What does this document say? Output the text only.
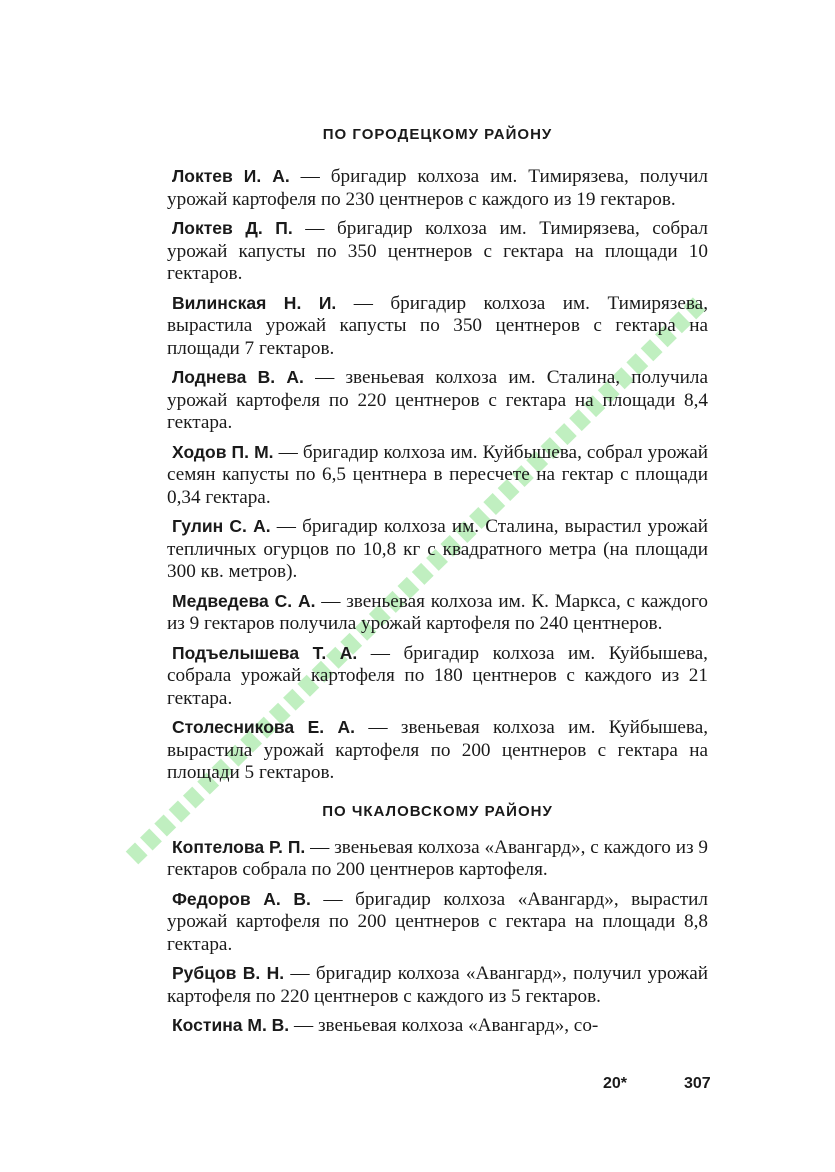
ПО ГОРОДЕЦКОМУ РАЙОНУ

Локтев И. А. — бригадир колхоза им. Тимирязева, получил урожай картофеля по 230 центнеров с каждого из 19 гектаров.

Локтев Д. П. — бригадир колхоза им. Тимирязева, собрал урожай капусты по 350 центнеров с гектара на площади 10 гектаров.

Вилинская Н. И. — бригадир колхоза им. Тимирязева, вырастила урожай капусты по 350 центнеров с гектара на площади 7 гектаров.

Лоднева В. А. — звеньевая колхоза им. Сталина, получила урожай картофеля по 220 центнеров с гектара на площади 8,4 гектара.

Ходов П. М. — бригадир колхоза им. Куйбышева, собрал урожай семян капусты по 6,5 центнера в пересчете на гектар с площади 0,34 гектара.

Гулин С. А. — бригадир колхоза им. Сталина, вырастил урожай тепличных огурцов по 10,8 кг с квадратного метра (на площади 300 кв. метров).

Медведева С. А. — звеньевая колхоза им. К. Маркса, с каждого из 9 гектаров получила урожай картофеля по 240 центнеров.

Подъелышева Т. А. — бригадир колхоза им. Куйбышева, собрала урожай картофеля по 180 центнеров с каждого из 21 гектара.

Столесникова Е. А. — звеньевая колхоза им. Куйбышева, вырастила урожай картофеля по 200 центнеров с гектара на площади 5 гектаров.

ПО ЧКАЛОВСКОМУ РАЙОНУ

Коптелова Р. П. — звеньевая колхоза «Авангард», с каждого из 9 гектаров собрала по 200 центнеров картофеля.

Федоров А. В. — бригадир колхоза «Авангард», вырастил урожай картофеля по 200 центнеров с гектара на площади 8,8 гектара.

Рубцов В. Н. — бригадир колхоза «Авангард», получил урожай картофеля по 220 центнеров с каждого из 5 гектаров.

Костина М. В. — звеньевая колхоза «Авангард», со-

20*	307
